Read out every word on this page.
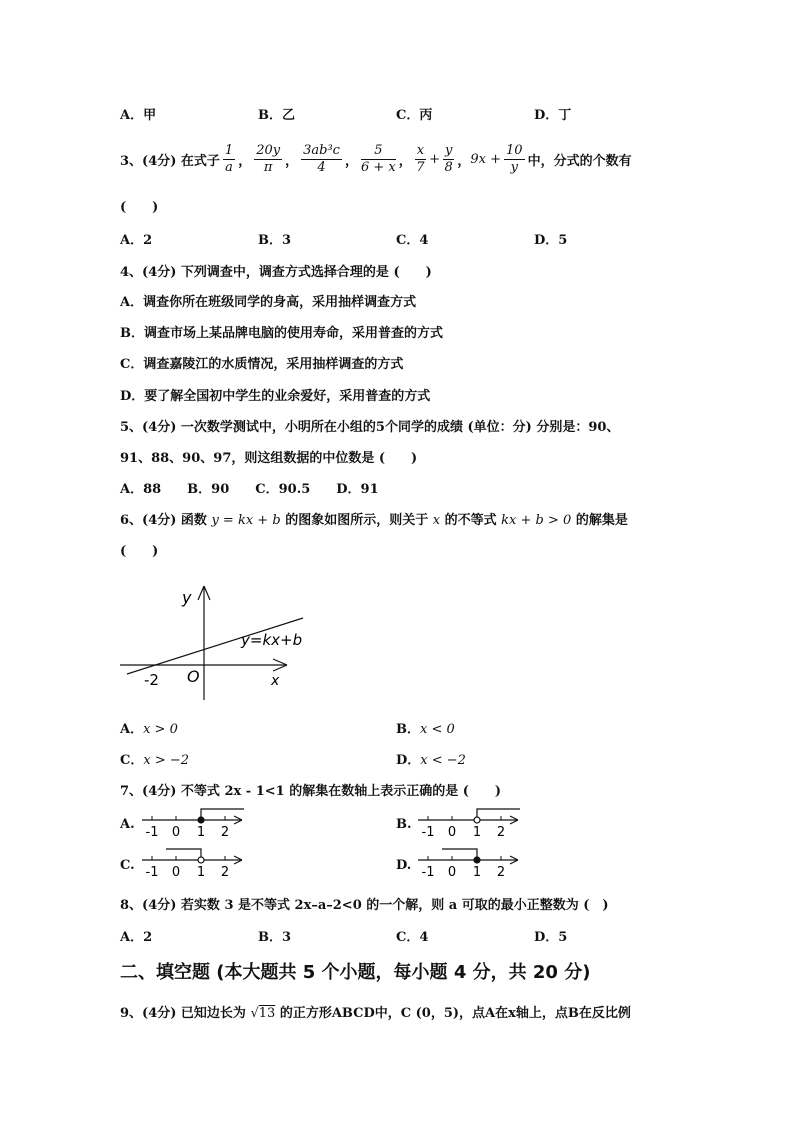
A．甲	B．乙	C．丙	D．丁
3、(4分) 在式子 $\frac{1}{a}$ ， $\frac{20y}{\pi}$ ， $\frac{\text{3ab³c}}{4}$ ， $\frac{5}{6 + x}$ ， $\frac{x}{7} + \frac{y}{8}$ ， $9x + \frac{10}{y}$ 中，分式的个数有
(　　)
A．2	B．3	C．4	D．5
4、(4分) 下列调查中，调查方式选择合理的是 (　　)
A．调查你所在班级同学的身高，采用抽样调查方式
B．调查市场上某品牌电脑的使用寿命，采用普查的方式
C．调查嘉陵江的水质情况，采用抽样调查的方式
D．要了解全国初中学生的业余爱好，采用普查的方式
5、(4分) 一次数学测试中，小明所在小组的5个同学的成绩 (单位：分) 分别是：90、
91、88、90、97，则这组数据的中位数是 (　　)
A．88　　B．90　　C．90.5　　D．91
6、(4分) 函数 y = kx + b 的图象如图所示，则关于 x 的不等式 kx + b > 0 的解集是
(　　)
y
x
O
-2
y=kx+b
A．x > 0	B．x < 0
C．x > −2	D．x < −2
7、(4分) 不等式 2x - 1<1 的解集在数轴上表示正确的是 (　　)
A.
-1 0 1 2
B.
-1 0 1 2
C. -1 0 1 2	D. -1 0 1 2
8、(4分) 若实数 3 是不等式 2x–a–2<0 的一个解，则 a 可取的最小正整数为 (　)
A．2	B．3	C．4	D．5
二、填空题 (本大题共 5 个小题，每小题 4 分，共 20 分)
9、(4分) 已知边长为 √13 的正方形ABCD中，C (0，5)，点A在x轴上，点B在反比例
